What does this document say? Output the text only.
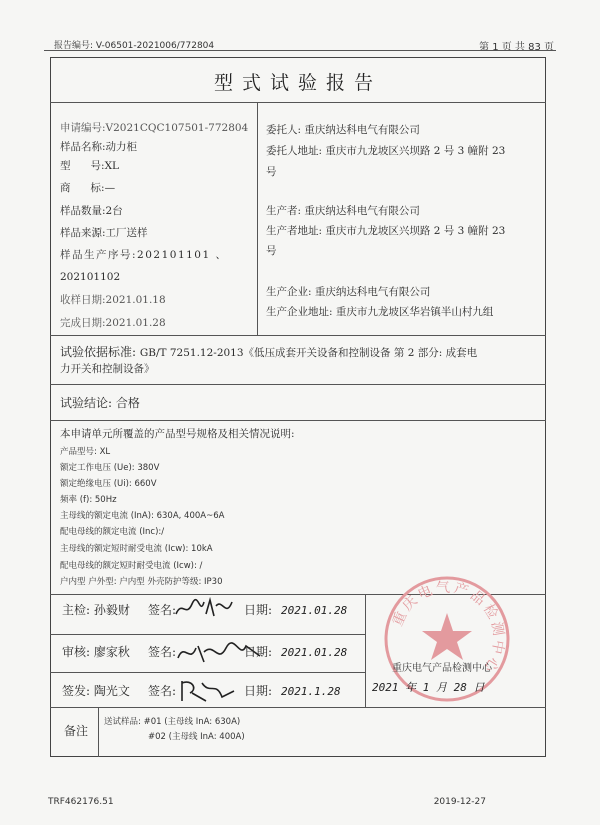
报告编号: V-06501-2021006/772804	第 1 页 共 83 页
型式试验报告
申请编号:V2021CQC107501-772804
样品名称:动力柜
型      号:XL
商      标:—
样品数量:2台
样品来源:工厂送样
样品生产序号:202101101 、
202101102
收样日期:2021.01.18
完成日期:2021.01.28
委托人: 重庆纳达科电气有限公司
委托人地址: 重庆市九龙坡区兴坝路 2 号 3 幢附 23
号
生产者: 重庆纳达科电气有限公司
生产者地址: 重庆市九龙坡区兴坝路 2 号 3 幢附 23
号
生产企业: 重庆纳达科电气有限公司
生产企业地址: 重庆市九龙坡区华岩镇半山村九组
试验依据标准: GB/T 7251.12-2013《低压成套开关设备和控制设备 第 2 部分: 成套电
力开关和控制设备》
试验结论: 合格
本申请单元所覆盖的产品型号规格及相关情况说明:
产品型号: XL
额定工作电压 (Ue): 380V
额定绝缘电压 (Ui): 660V
频率 (f): 50Hz
主母线的额定电流 (InA): 630A, 400A~6A
配电母线的额定电流 (Inc):/
主母线的额定短时耐受电流 (Icw): 10kA
配电母线的额定短时耐受电流 (Icw): /
户内型 户外型: 户内型 外壳防护等级: IP30
主检: 孙毅财 签名:	日期: 2021.01.28
审核: 廖家秋 签名:	日期: 2021.01.28
签发: 陶光文 签名:	日期: 2021.1.28
重庆电气产品检测中心
重庆电气产品检测中心
2021 年 1 月 28 日
备注
送试样品: #01 (主母线 InA: 630A)
#02 (主母线 InA: 400A)
TRF462176.51	2019-12-27
